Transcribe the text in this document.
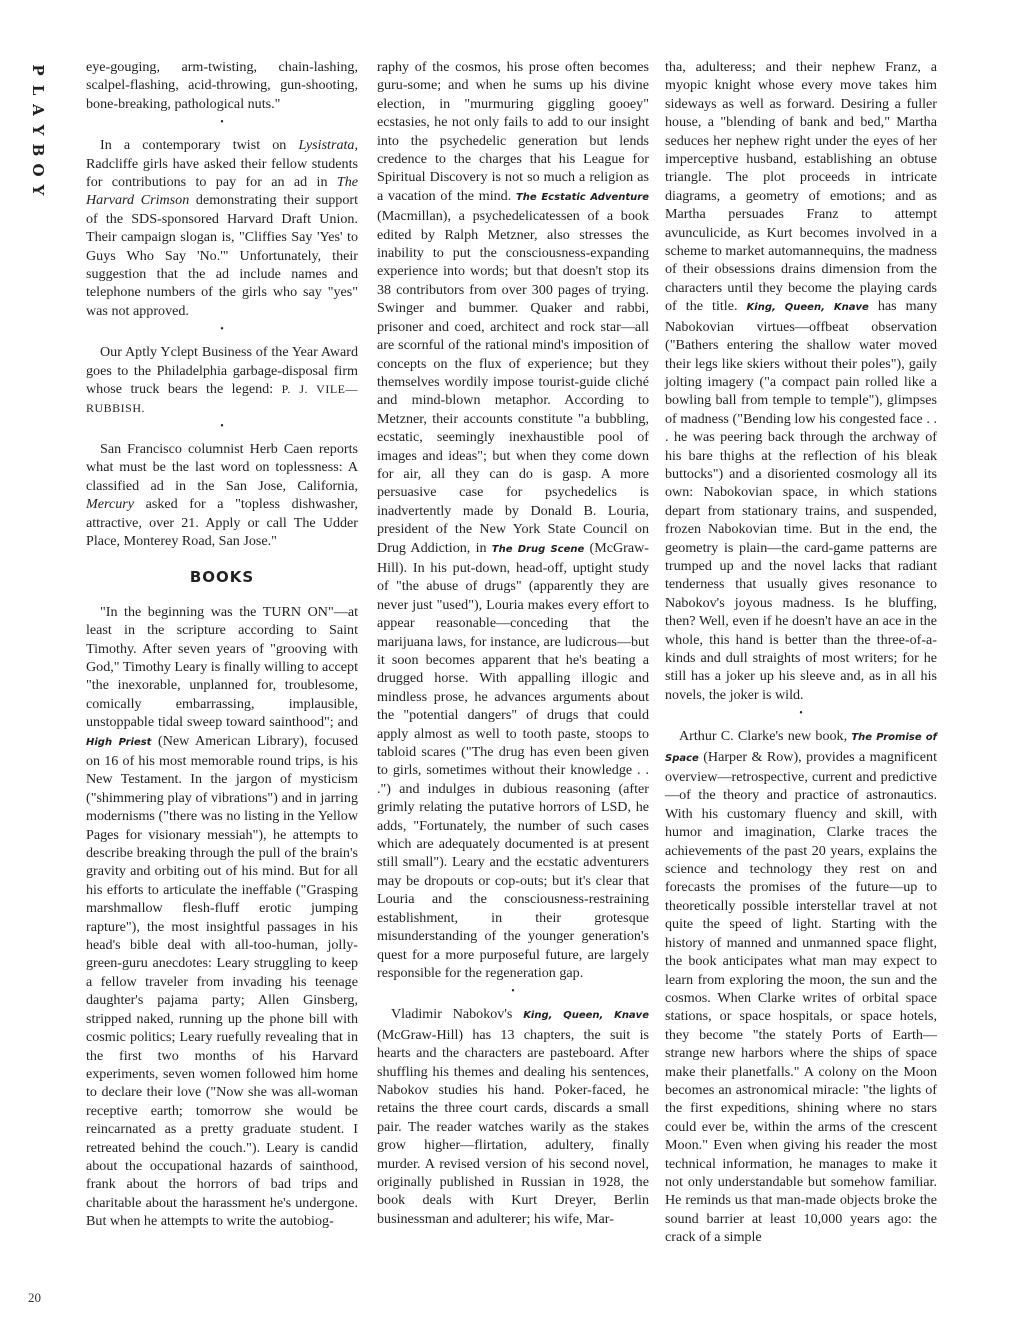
P
L
A
Y
B
O
Y
20

eye-gouging, arm-twisting, chain-lashing, scalpel-flashing, acid-throwing, gun-shooting, bone-breaking, pathological nuts."

•

In a contemporary twist on Lysistrata, Radcliffe girls have asked their fellow students for contributions to pay for an ad in The Harvard Crimson demonstrating their support of the SDS-sponsored Harvard Draft Union. Their campaign slogan is, "Cliffies Say 'Yes' to Guys Who Say 'No.'" Unfortunately, their suggestion that the ad include names and telephone numbers of the girls who say "yes" was not approved.

•

Our Aptly Yclept Business of the Year Award goes to the Philadelphia garbage-disposal firm whose truck bears the legend: P. J. VILE—RUBBISH.

•

San Francisco columnist Herb Caen reports what must be the last word on toplessness: A classified ad in the San Jose, California, Mercury asked for a "topless dishwasher, attractive, over 21. Apply or call The Udder Place, Monterey Road, San Jose."

BOOKS

"In the beginning was the TURN ON"—at least in the scripture according to Saint Timothy. After seven years of "grooving with God," Timothy Leary is finally willing to accept "the inexorable, unplanned for, troublesome, comically embarrassing, implausible, unstoppable tidal sweep toward sainthood"; and High Priest (New American Library), focused on 16 of his most memorable round trips, is his New Testament. In the jargon of mysticism ("shimmering play of vibrations") and in jarring modernisms ("there was no listing in the Yellow Pages for visionary messiah"), he attempts to describe breaking through the pull of the brain's gravity and orbiting out of his mind. But for all his efforts to articulate the ineffable ("Grasping marshmallow flesh-fluff erotic jumping rapture"), the most insightful passages in his head's bible deal with all-too-human, jolly-green-guru anecdotes: Leary struggling to keep a fellow traveler from invading his teenage daughter's pajama party; Allen Ginsberg, stripped naked, running up the phone bill with cosmic politics; Leary ruefully revealing that in the first two months of his Harvard experiments, seven women followed him home to declare their love ("Now she was all-woman receptive earth; tomorrow she would be reincarnated as a pretty graduate student. I retreated behind the couch."). Leary is candid about the occupational hazards of sainthood, frank about the horrors of bad trips and charitable about the harassment he's undergone. But when he attempts to write the autobiog-

raphy of the cosmos, his prose often becomes guru-some; and when he sums up his divine election, in "murmuring giggling gooey" ecstasies, he not only fails to add to our insight into the psychedelic generation but lends credence to the charges that his League for Spiritual Discovery is not so much a religion as a vacation of the mind. The Ecstatic Adventure (Macmillan), a psychedelicatessen of a book edited by Ralph Metzner, also stresses the inability to put the consciousness-expanding experience into words; but that doesn't stop its 38 contributors from over 300 pages of trying. Swinger and bummer. Quaker and rabbi, prisoner and coed, architect and rock star—all are scornful of the rational mind's imposition of concepts on the flux of experience; but they themselves wordily impose tourist-guide cliché and mind-blown metaphor. According to Metzner, their accounts constitute "a bubbling, ecstatic, seemingly inexhaustible pool of images and ideas"; but when they come down for air, all they can do is gasp. A more persuasive case for psychedelics is inadvertently made by Donald B. Louria, president of the New York State Council on Drug Addiction, in The Drug Scene (McGraw-Hill). In his put-down, head-off, uptight study of "the abuse of drugs" (apparently they are never just "used"), Louria makes every effort to appear reasonable—conceding that the marijuana laws, for instance, are ludicrous—but it soon becomes apparent that he's beating a drugged horse. With appalling illogic and mindless prose, he advances arguments about the "potential dangers" of drugs that could apply almost as well to tooth paste, stoops to tabloid scares ("The drug has even been given to girls, sometimes without their knowledge . . .") and indulges in dubious reasoning (after grimly relating the putative horrors of LSD, he adds, "Fortunately, the number of such cases which are adequately documented is at present still small"). Leary and the ecstatic adventurers may be dropouts or cop-outs; but it's clear that Louria and the consciousness-restraining establishment, in their grotesque misunderstanding of the younger generation's quest for a more purposeful future, are largely responsible for the regeneration gap.

•

Vladimir Nabokov's King, Queen, Knave (McGraw-Hill) has 13 chapters, the suit is hearts and the characters are pasteboard. After shuffling his themes and dealing his sentences, Nabokov studies his hand. Poker-faced, he retains the three court cards, discards a small pair. The reader watches warily as the stakes grow higher—flirtation, adultery, finally murder. A revised version of his second novel, originally published in Russian in 1928, the book deals with Kurt Dreyer, Berlin businessman and adulterer; his wife, Mar-

tha, adulteress; and their nephew Franz, a myopic knight whose every move takes him sideways as well as forward. Desiring a fuller house, a "blending of bank and bed," Martha seduces her nephew right under the eyes of her imperceptive husband, establishing an obtuse triangle. The plot proceeds in intricate diagrams, a geometry of emotions; and as Martha persuades Franz to attempt avunculicide, as Kurt becomes involved in a scheme to market automannequins, the madness of their obsessions drains dimension from the characters until they become the playing cards of the title. King, Queen, Knave has many Nabokovian virtues—offbeat observation ("Bathers entering the shallow water moved their legs like skiers without their poles"), gaily jolting imagery ("a compact pain rolled like a bowling ball from temple to temple"), glimpses of madness ("Bending low his congested face . . . he was peering back through the archway of his bare thighs at the reflection of his bleak buttocks") and a disoriented cosmology all its own: Nabokovian space, in which stations depart from stationary trains, and suspended, frozen Nabokovian time. But in the end, the geometry is plain—the card-game patterns are trumped up and the novel lacks that radiant tenderness that usually gives resonance to Nabokov's joyous madness. Is he bluffing, then? Well, even if he doesn't have an ace in the whole, this hand is better than the three-of-a-kinds and dull straights of most writers; for he still has a joker up his sleeve and, as in all his novels, the joker is wild.

•

Arthur C. Clarke's new book, The Promise of Space (Harper & Row), provides a magnificent overview—retrospective, current and predictive—of the theory and practice of astronautics. With his customary fluency and skill, with humor and imagination, Clarke traces the achievements of the past 20 years, explains the science and technology they rest on and forecasts the promises of the future—up to theoretically possible interstellar travel at not quite the speed of light. Starting with the history of manned and unmanned space flight, the book anticipates what man may expect to learn from exploring the moon, the sun and the cosmos. When Clarke writes of orbital space stations, or space hospitals, or space hotels, they become "the stately Ports of Earth—strange new harbors where the ships of space make their planetfalls." A colony on the Moon becomes an astronomical miracle: "the lights of the first expeditions, shining where no stars could ever be, within the arms of the crescent Moon." Even when giving his reader the most technical information, he manages to make it not only understandable but somehow familiar. He reminds us that man-made objects broke the sound barrier at least 10,000 years ago: the crack of a simple
